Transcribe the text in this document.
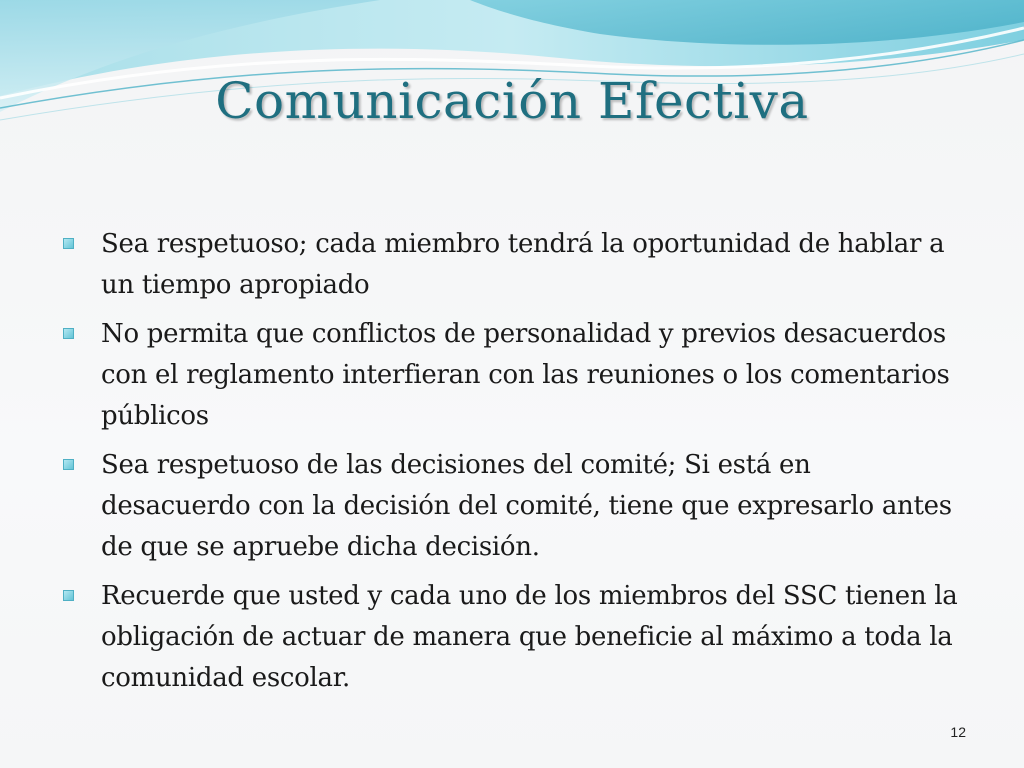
Comunicación Efectiva
Sea respetuoso; cada miembro tendrá la oportunidad de hablar a un tiempo apropiado
No permita que conflictos de personalidad y previos desacuerdos con el reglamento interfieran con las reuniones o los comentarios públicos
Sea respetuoso de las decisiones del comité; Si está en desacuerdo con la decisión del comité, tiene que expresarlo antes de que se apruebe dicha decisión.
Recuerde que usted y cada uno de los miembros del SSC tienen la obligación de actuar de manera que beneficie al máximo a toda la comunidad escolar.
12
